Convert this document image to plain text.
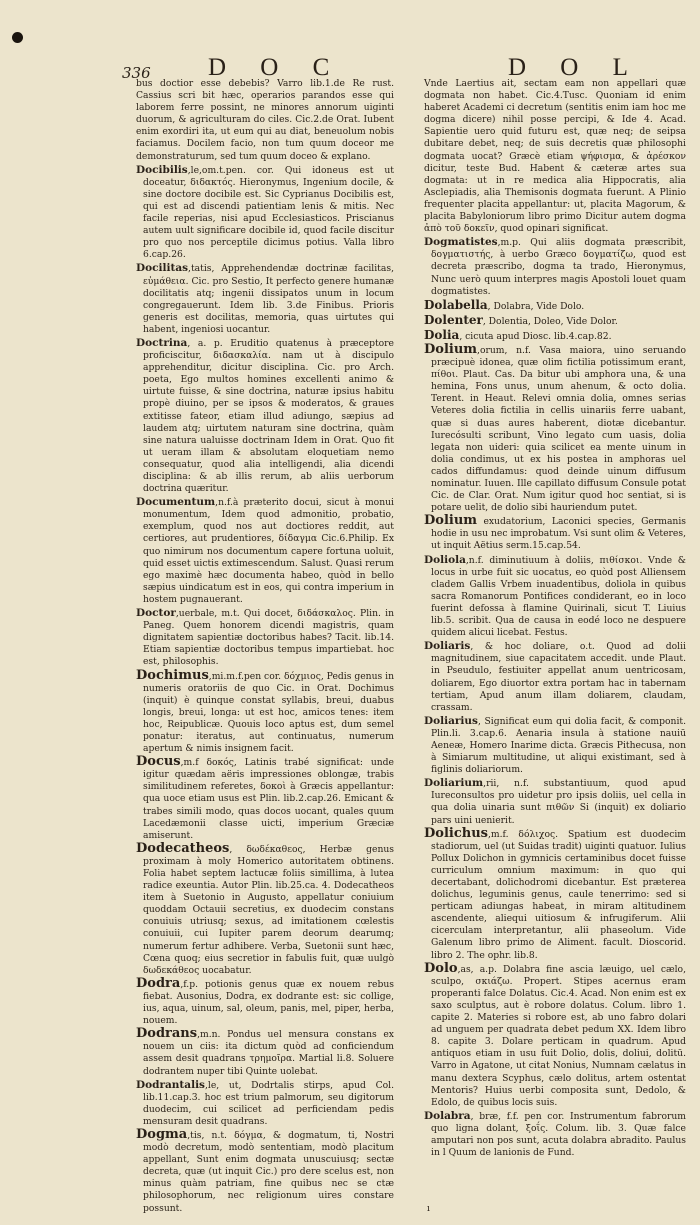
336 D O C	D O L

bus doctior esse debebis? Varro lib.1.de Re rust. Cassius scri bit hæc, operarios parandos esse qui laborem ferre possint, ne minores annorum uiginti duorum, & agriculturam do ciles. Cic.2.de Orat. Iubent enim exordiri ita, ut eum qui au diat, beneuolum nobis faciamus. Docilem facio, non tum quum doceor me demonstraturum, sed tum quum doceo & explano.

Docibilis,le,om.t.pen. cor. Qui idoneus est ut doceatur, διδακτός. Hieronymus, Ingenium docile, & sine doctore docibile est. Sic Cyprianus Docibilis est, qui est ad discendi patientiam lenis & mitis. Nec facile reperias, nisi apud Ecclesiasticos. Priscianus autem uult significare docibile id, quod facile discitur pro quo nos perceptile dicimus potius. Valla libro 6.cap.26.

Docilitas,tatis, Apprehendendæ doctrinæ facilitas, εὐμάθεια. Cic. pro Sestio, It perfecto genere humanæ docilitatis atq; ingenii dissipatos unum in locum congregauerunt. Idem lib. 3.de Finibus. Prioris generis est docilitas, memoria, quas uirtutes qui habent, ingeniosi uocantur.

Doctrina, a. p. Eruditio quatenus à præceptore proficiscitur, διδασκαλία. nam ut à discipulo apprehenditur, dicitur disciplina. Cic. pro Arch. poeta, Ego multos homines excellenti animo & uirtute fuisse, & sine doctrina, naturæ ipsius habitu propè diuino, per se ipsos & moderatos, & graues extitisse fateor, etiam illud adiungo, sæpius ad laudem atq; uirtutem naturam sine doctrina, quàm sine natura ualuisse doctrinam Idem in Orat. Quo fit ut ueram illam & absolutam eloquetiam nemo consequatur, quod alia intelligendi, alia dicendi disciplina: & ab illis rerum, ab aliis uerborum doctrina quæritur.

Documentum,n.f.à præterito docui, sicut à monui monumentum, Idem quod admonitio, probatio, exemplum, quod nos aut doctiores reddit, aut certiores, aut prudentiores, δίδαγμα Cic.6.Philip. Ex quo nimirum nos documentum capere fortuna uoluit, quid esset uictis extimescendum. Salust. Quasi rerum ego maximè hæc documenta habeo, quòd in bello sæpius uindicatum est in eos, qui contra imperium in hostem pugnauerant.

Doctor,uerbale, m.t. Qui docet, διδάσκαλος. Plin. in Paneg. Quem honorem dicendi magistris, quam dignitatem sapientiæ doctoribus habes? Tacit. lib.14. Etiam sapientiæ doctoribus tempus impartiebat. hoc est, philosophis.

Dochimus,mi.m.f.pen cor. δόχμιος, Pedis genus in numeris oratoriis de quo Cic. in Orat. Dochimus (inquit) è quinque constat syllabis, breui, duabus longis, breui, longa: ut est hoc, amicos tenes: item hoc, Reipublicæ. Quouis loco aptus est, dum semel ponatur: iteratus, aut continuatus, numerum apertum & nimis insignem facit.

Docus,m.f δοκός, Latinis trabé significat: unde igitur quædam aëris impressiones oblongæ, trabis similitudinem referetes, δοκοὶ à Græcis appellantur: qua uoce etiam usus est Plin. lib.2.cap.26. Emicant & trabes simili modo, quas docos uocant, quales quum Lacedæmonii classe uicti, imperium Græciæ amiserunt.

Dodecatheos, δωδέκαθεος, Herbæ genus proximam à moly Homerico autoritatem obtinens. Folia habet septem lactucæ foliis simillima, à lutea radice exeuntia. Autor Plin. lib.25.ca. 4. Dodecatheos item à Suetonio in Augusto, appellatur coniuium quoddam Octauii secretius, ex duodecim constans conuiuis utriusq; sexus, ad imitationem cœlestis conuiuii, cui Iupiter parem deorum dearumq; numerum fertur adhibere. Verba, Suetonii sunt hæc, Cœna quoq; eius secretior in fabulis fuit, quæ uulgò δωδεκάθεος uocabatur.

Dodra,f.p. potionis genus quæ ex nouem rebus fiebat. Ausonius, Dodra, ex dodrante est: sic collige, ius, aqua, uinum, sal, oleum, panis, mel, piper, herba, nouem.

Dodrans,m.n. Pondus uel mensura constans ex nouem un ciis: ita dictum quòd ad conficiendum assem desit quadrans τρημοῖρα. Martial li.8. Soluere dodrantem nuper tibi Quinte uolebat.

Dodrantalis,le, ut, Dodrtalis stirps, apud Col. lib.11.cap.3. hoc est trium palmorum, seu digitorum duodecim, cui scilicet ad perficiendam pedis mensuram desit quadrans.

Dogma,tis, n.t. δόγμα, & dogmatum, ti, Nostri modò decretum, modò sententiam, modò placitum appellant, Sunt enim dogmata unuscuiusq; sectæ decreta, quæ (ut inquit Cic.) pro dere scelus est, non minus quàm patriam, fine quibus nec se ctæ philosophorum, nec religionum uires constare possunt.

Vnde Laertius ait, sectam eam non appellari quæ dogmata non habet. Cic.4.Tusc. Quoniam id enim haberet Academi ci decretum (sentitis enim iam hoc me dogma dicere) nihil posse percipi, & Ide 4. Acad. Sapientie uero quid futuru est, quæ neq; de seipsa dubitare debet, neq; de suis decretis quæ philosophi dogmata uocat? Græcè etiam ψήφισμα, & ἀρέσκον dicitur, teste Bud. Habent & cæteræ artes sua dogmata: ut in re medica alia Hippocratis, alia Asclepiadis, alia Themisonis dogmata fuerunt. A Plinio frequenter placita appellantur: ut, placita Magorum, & placita Babyloniorum libro primo Dicitur autem dogma ἀπὸ τοῦ δοκεῖν, quod opinari significat.

Dogmatistes,m.p. Qui aliis dogmata præscribit, δογματιστής, à uerbo Græco δογματίζω, quod est decreta præscribo, dogma ta trado, Hieronymus, Nunc uerò quum interpres magis Apostoli louet quam dogmatistes.

Dolabella, Dolabra, Vide Dolo.

Dolenter, Dolentia, Doleo, Vide Dolor.

Dolia, cicuta apud Diosc. lib.4.cap.82.

Dolium,orum, n.f. Vasa maiora, uino seruando præcipuè idonea, quæ olim fictilia potissimum erant, πίθοι. Plaut. Cas. Da bitur ubi amphora una, & una hemina, Fons unus, unum ahenum, & octo dolia. Terent. in Heaut. Relevi omnia dolia, omnes serias Veteres dolia fictilia in cellis uinariis ferre uabant, quæ si duas aures haberent, diotæ dicebantur. Iurecósulti scribunt, Vino legato cum uasis, dolia legata non uideri: quia scilicet ea mente uinum in dolia condimus, ut ex his postea in amphoras uel cados diffundamus: quod deinde uinum diffusum nominatur. Iuuen. Ille capillato diffusum Consule potat Cic. de Clar. Orat. Num igitur quod hoc sentiat, si is potare uelit, de dolio sibi hauriendum putet.

Dolium exudatorium, Laconici species, Germanis hodie in usu nec improbatum. Vsi sunt olim & Veteres, ut inquit Aëtius serm.15.cap.54.

Doliola,n.f. diminutiuum à doliis, πιθίσκοι. Vnde & locus in urbe fuit sic uocatus, eo quòd post Alliensem cladem Gallis Vrbem inuadentibus, doliola in quibus sacra Romanorum Pontifices condiderant, eo in loco fuerint defossa à flamine Quirinali, sicut T. Liuius lib.5. scribit. Qua de causa in eodé loco ne despuere quidem alicui licebat. Festus.

Doliaris, & hoc doliare, o.t. Quod ad dolii magnitudinem, siue capacitatem accedit. unde Plaut. in Pseudulo, festiuiter appellat anum uentricosam, doliarem, Ego diuortor extra portam hac in tabernam tertiam, Apud anum illam doliarem, claudam, crassam.

Doliarius, Significat eum qui dolia facit, & componit. Plin.li. 3.cap.6. Aenaria insula à statione nauiū Aeneæ, Homero Inarime dicta. Græcis Pithecusa, non à Simiarum multitudine, ut aliqui existimant, sed à figlinis doliariorum.

Doliarium,rii, n.f. substantiuum, quod apud Iureconsultos pro uidetur pro ipsis doliis, uel cella in qua dolia uinaria sunt πιθῶν Si (inquit) ex doliario pars uini uenierit.

Dolichus,m.f. δόλιχος. Spatium est duodecim stadiorum, uel (ut Suidas tradit) uiginti quatuor. Iulius Pollux Dolichon in gymnicis certaminibus docet fuisse curriculum omnium maximum: in quo qui decertabant, dolichodromi dicebantur. Est præterea dolichus, leguminis genus, caule tenerrimo: sed si perticam adiungas habeat, in miram altitudinem ascendente, aliequi uitiosum & infrugiferum. Alii cicerculam interpretantur, alii phaseolum. Vide Galenum libro primo de Aliment. facult. Dioscorid. libro 2. The ophr. lib.8.

Dolo,as, a.p. Dolabra fine ascia læuigo, uel cælo, sculpo, σκιάζω. Propert. Stipes acernus eram properanti falce Dolatus. Cic.4. Acad. Non enim est ex saxo sculptus, aut è robore dolatus. Colum. libro 1. capite 2. Materies si robore est, ab uno fabro dolari ad unguem per quadrata debet pedum XX. Idem libro 8. capite 3. Dolare perticam in quadrum. Apud antiquos etiam in usu fuit Dolio, dolis, doliui, dolitū. Varro in Agatone, ut citat Nonius, Numnam cælatus in manu dextera Scyphus, cælo dolitus, artem ostentat Mentoris? Huius uerbi composita sunt, Dedolo, & Edolo, de quibus locis suis.

Dolabra, bræ, f.f. pen cor. Instrumentum fabrorum quo ligna dolant, ξοΐς. Colum. lib. 3. Quæ falce amputari non pos sunt, acuta dolabra abradito. Paulus in l Quum de lanionis de Fund.

ı
